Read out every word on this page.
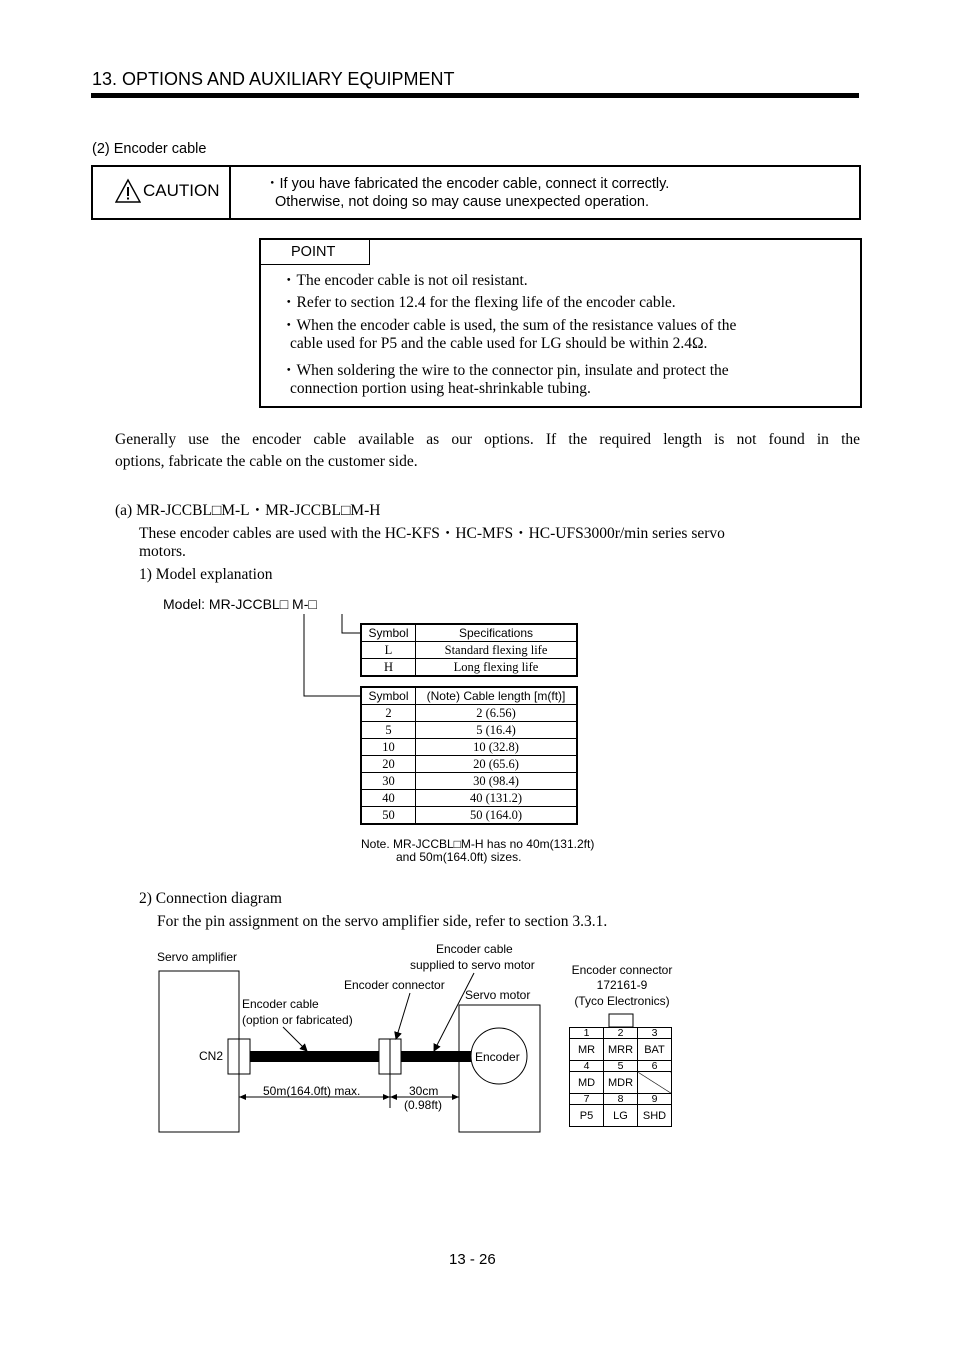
13. OPTIONS AND AUXILIARY EQUIPMENT
(2) Encoder cable
CAUTION	・If you have fabricated the encoder cable, connect it correctly.
Otherwise, not doing so may cause unexpected operation.
POINT
・The encoder cable is not oil resistant.
・Refer to section 12.4 for the flexing life of the encoder cable.
・When the encoder cable is used, the sum of the resistance values of the
cable used for P5 and the cable used for LG should be within 2.4Ω.
・When soldering the wire to the connector pin, insulate and protect the
connection portion using heat-shrinkable tubing.
Generally use the encoder cable available as our options. If the required length is not found in the
options, fabricate the cable on the customer side.
(a) MR-JCCBL□M-L・MR-JCCBL□M-H
These encoder cables are used with the HC-KFS・HC-MFS・HC-UFS3000r/min series servo
motors.
1) Model explanation
Model: MR-JCCBL□ M-□
Symbol	Specifications
L	Standard flexing life
H	Long flexing life
Symbol	(Note) Cable length [m(ft)]
2	2 (6.56)
5	5 (16.4)
10	10 (32.8)
20	20 (65.6)
30	30 (98.4)
40	40 (131.2)
50	50 (164.0)
Note. MR-JCCBL□M-H has no 40m(131.2ft)
and 50m(164.0ft) sizes.
2) Connection diagram
For the pin assignment on the servo amplifier side, refer to section 3.3.1.
Servo amplifier
CN2
Encoder cable
(option or fabricated)
Encoder connector
Encoder cable
supplied to servo motor
Servo motor
Encoder
50m(164.0ft) max.	30cm
(0.98ft)
Encoder connector
172161-9
(Tyco Electronics)
1	2	3
MR	MRR	BAT
4	5	6
MD	MDR	
7	8	9
P5	LG	SHD
13 - 26
